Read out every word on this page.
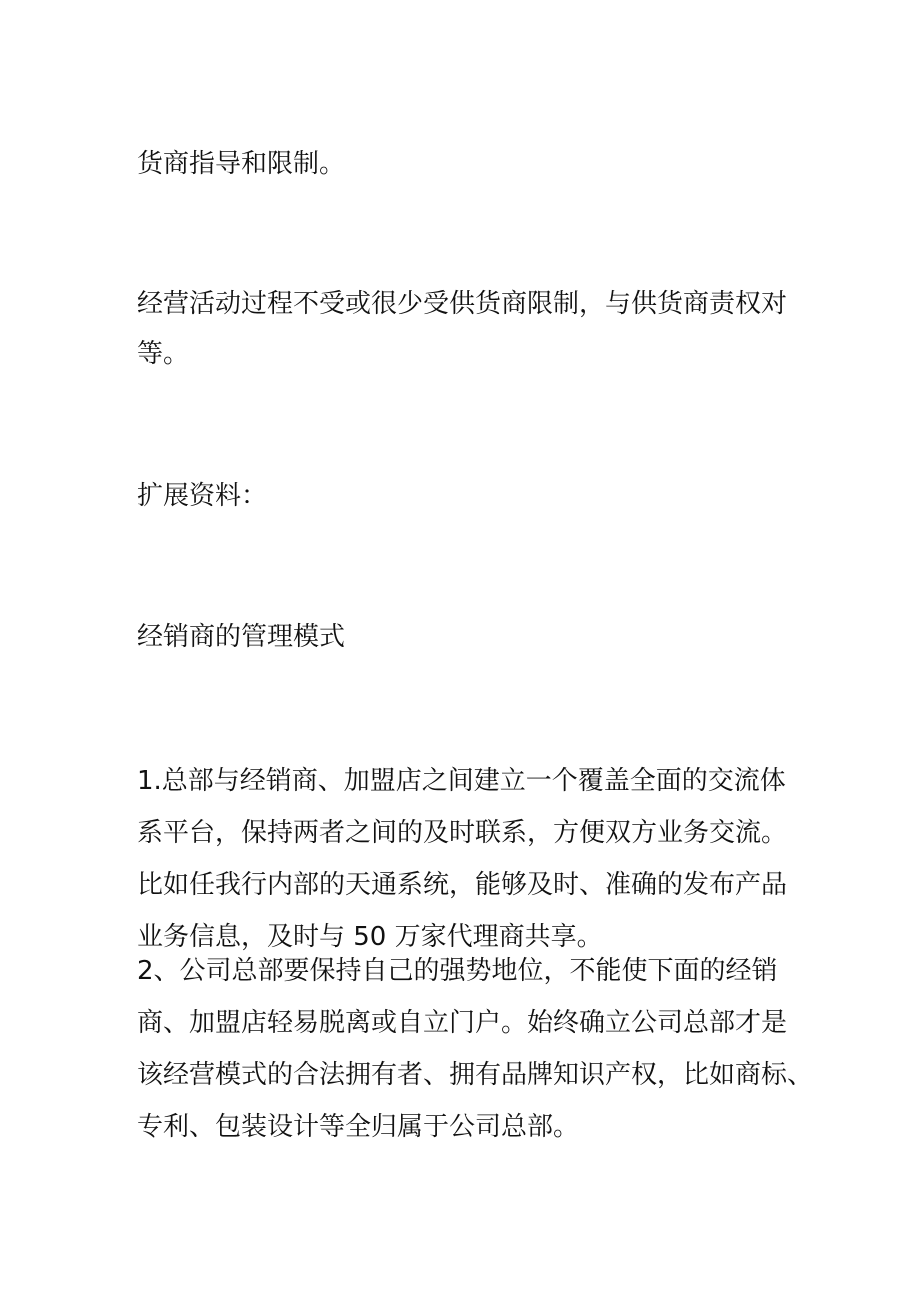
货商指导和限制。

经营活动过程不受或很少受供货商限制，与供货商责权对
等。

扩展资料：

经销商的管理模式

1.总部与经销商、加盟店之间建立一个覆盖全面的交流体
系平台，保持两者之间的及时联系，方便双方业务交流。
比如任我行内部的天通系统，能够及时、准确的发布产品
业务信息，及时与 50 万家代理商共享。

2、公司总部要保持自己的强势地位，不能使下面的经销
商、加盟店轻易脱离或自立门户。始终确立公司总部才是
该经营模式的合法拥有者、拥有品牌知识产权，比如商标、
专利、包装设计等全归属于公司总部。
